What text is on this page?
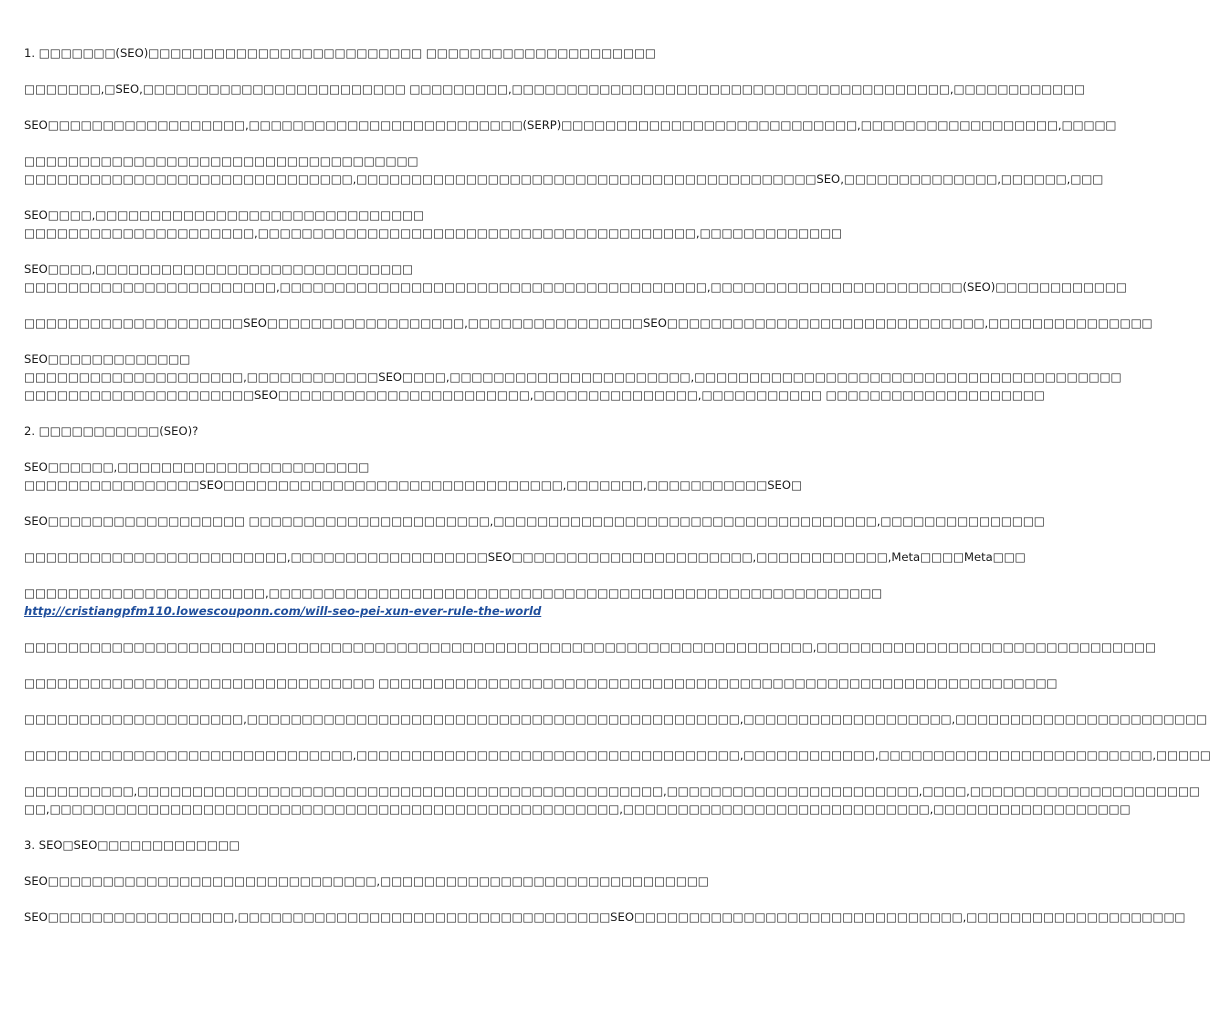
1. □□□□□□□(SEO)□□□□□□□□□□□□□□□□□□□□□□□□□ □□□□□□□□□□□□□□□□□□□□□
□□□□□□□,□SEO,□□□□□□□□□□□□□□□□□□□□□□□□ □□□□□□□□□,□□□□□□□□□□□□□□□□□□□□□□□□□□□□□□□□□□□□□□□□,□□□□□□□□□□□□
SEO□□□□□□□□□□□□□□□□□□,□□□□□□□□□□□□□□□□□□□□□□□□□(SERP)□□□□□□□□□□□□□□□□□□□□□□□□□□□,□□□□□□□□□□□□□□□□□□,□□□□□
□□□□□□□□□□□□□□□□□□□□□□□□□□□□□□□□□□□□
□□□□□□□□□□□□□□□□□□□□□□□□□□□□□□,□□□□□□□□□□□□□□□□□□□□□□□□□□□□□□□□□□□□□□□□□□SEO,□□□□□□□□□□□□□□,□□□□□□,□□□
SEO□□□□,□□□□□□□□□□□□□□□□□□□□□□□□□□□□□□
□□□□□□□□□□□□□□□□□□□□□,□□□□□□□□□□□□□□□□□□□□□□□□□□□□□□□□□□□□□□□□,□□□□□□□□□□□□□
SEO□□□□,□□□□□□□□□□□□□□□□□□□□□□□□□□□□□
□□□□□□□□□□□□□□□□□□□□□□□,□□□□□□□□□□□□□□□□□□□□□□□□□□□□□□□□□□□□□□□,□□□□□□□□□□□□□□□□□□□□□□□(SEO)□□□□□□□□□□□□
□□□□□□□□□□□□□□□□□□□□SEO□□□□□□□□□□□□□□□□□□,□□□□□□□□□□□□□□□□SEO□□□□□□□□□□□□□□□□□□□□□□□□□□□□□,□□□□□□□□□□□□□□□
SEO□□□□□□□□□□□□□
□□□□□□□□□□□□□□□□□□□□,□□□□□□□□□□□□SEO□□□□,□□□□□□□□□□□□□□□□□□□□□□,□□□□□□□□□□□□□□□□□□□□□□□□□□□□□□□□□□□□□□□
□□□□□□□□□□□□□□□□□□□□□SEO□□□□□□□□□□□□□□□□□□□□□□□,□□□□□□□□□□□□□□□,□□□□□□□□□□□ □□□□□□□□□□□□□□□□□□□□
2. □□□□□□□□□□□(SEO)?
SEO□□□□□□,□□□□□□□□□□□□□□□□□□□□□□□
□□□□□□□□□□□□□□□□SEO□□□□□□□□□□□□□□□□□□□□□□□□□□□□□□□,□□□□□□□,□□□□□□□□□□□SEO□
SEO□□□□□□□□□□□□□□□□□□ □□□□□□□□□□□□□□□□□□□□□□,□□□□□□□□□□□□□□□□□□□□□□□□□□□□□□□□□□□,□□□□□□□□□□□□□□□
□□□□□□□□□□□□□□□□□□□□□□□□,□□□□□□□□□□□□□□□□□□SEO□□□□□□□□□□□□□□□□□□□□□□,□□□□□□□□□□□□,Meta□□□□Meta□□□
□□□□□□□□□□□□□□□□□□□□□□,□□□□□□□□□□□□□□□□□□□□□□□□□□□□□□□□□□□□□□□□□□□□□□□□□□□□□□□□
http://cristiangpfm110.lowescouponn.com/will-seo-pei-xun-ever-rule-the-world
□□□□□□□□□□□□□□□□□□□□□□□□□□□□□□□□□□□□□□□□□□□□□□□□□□□□□□□□□□□□□□□□□□□□□□□□,□□□□□□□□□□□□□□□□□□□□□□□□□□□□□□□
□□□□□□□□□□□□□□□□□□□□□□□□□□□□□□□□ □□□□□□□□□□□□□□□□□□□□□□□□□□□□□□□□□□□□□□□□□□□□□□□□□□□□□□□□□□□□□□
□□□□□□□□□□□□□□□□□□□□,□□□□□□□□□□□□□□□□□□□□□□□□□□□□□□□□□□□□□□□□□□□□□,□□□□□□□□□□□□□□□□□□□,□□□□□□□□□□□□□□□□□□□□□□□
□□□□□□□□□□□□□□□□□□□□□□□□□□□□□□,□□□□□□□□□□□□□□□□□□□□□□□□□□□□□□□□□□□,□□□□□□□□□□□□,□□□□□□□□□□□□□□□□□□□□□□□□□,□□□□□
□□□□□□□□□□,□□□□□□□□□□□□□□□□□□□□□□□□□□□□□□□□□□□□□□□□□□□□□□□□,□□□□□□□□□□□□□□□□□□□□□□□,□□□□,□□□□□□□□□□□□□□□□□□□□□
□□,□□□□□□□□□□□□□□□□□□□□□□□□□□□□□□□□□□□□□□□□□□□□□□□□□□□□,□□□□□□□□□□□□□□□□□□□□□□□□□□□□,□□□□□□□□□□□□□□□□□□
3. SEO□SEO□□□□□□□□□□□□□
SEO□□□□□□□□□□□□□□□□□□□□□□□□□□□□□□,□□□□□□□□□□□□□□□□□□□□□□□□□□□□□□
SEO□□□□□□□□□□□□□□□□□,□□□□□□□□□□□□□□□□□□□□□□□□□□□□□□□□□□SEO□□□□□□□□□□□□□□□□□□□□□□□□□□□□□□,□□□□□□□□□□□□□□□□□□□□
